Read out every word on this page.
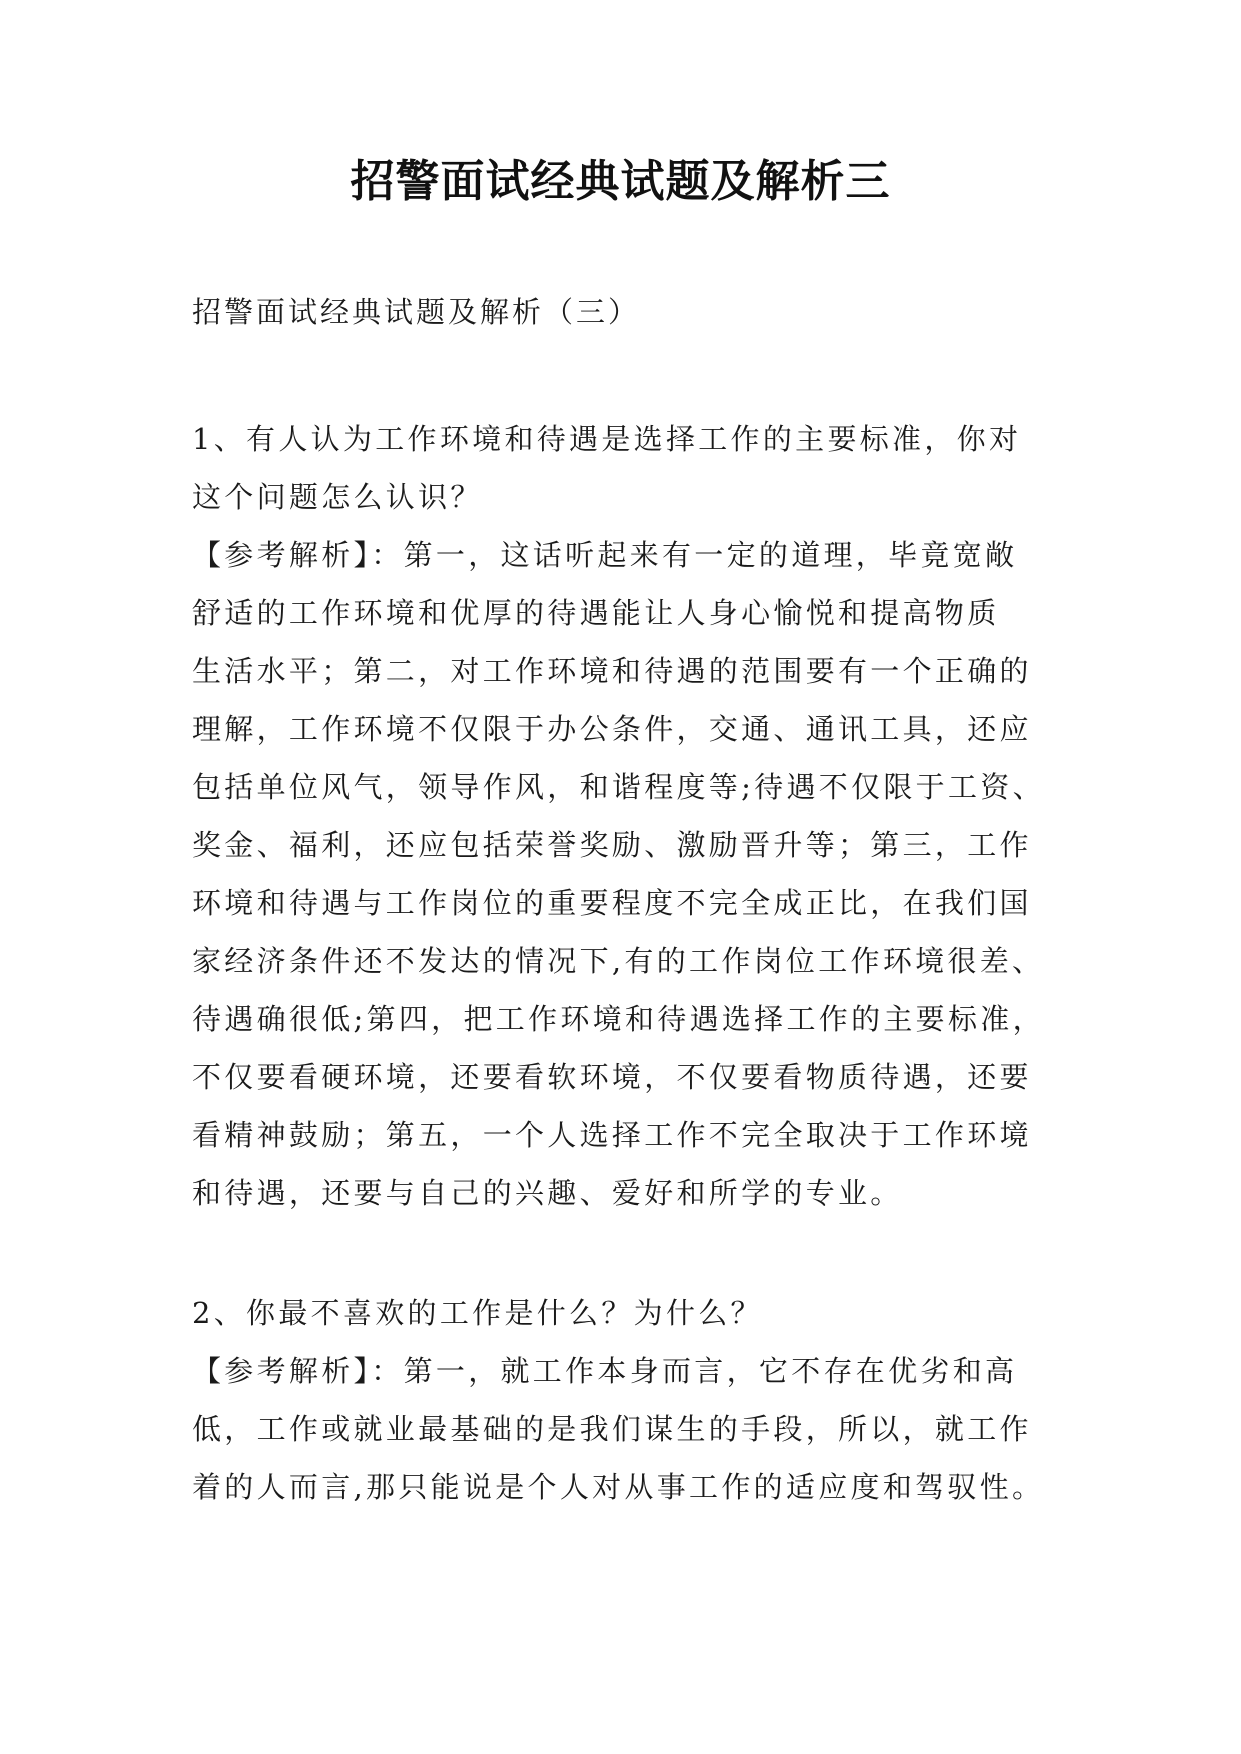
招警面试经典试题及解析三

招警面试经典试题及解析（三）

1、有人认为工作环境和待遇是选择工作的主要标准，你对
这个问题怎么认识？
【参考解析】：第一，这话听起来有一定的道理，毕竟宽敞
舒适的工作环境和优厚的待遇能让人身心愉悦和提高物质
生活水平；第二，对工作环境和待遇的范围要有一个正确的
理解，工作环境不仅限于办公条件，交通、通讯工具，还应
包括单位风气，领导作风，和谐程度等;待遇不仅限于工资、
奖金、福利，还应包括荣誉奖励、激励晋升等；第三，工作
环境和待遇与工作岗位的重要程度不完全成正比，在我们国
家经济条件还不发达的情况下,有的工作岗位工作环境很差、
待遇确很低;第四，把工作环境和待遇选择工作的主要标准，
不仅要看硬环境，还要看软环境，不仅要看物质待遇，还要
看精神鼓励；第五，一个人选择工作不完全取决于工作环境
和待遇，还要与自己的兴趣、爱好和所学的专业。
2、你最不喜欢的工作是什么？为什么？
【参考解析】：第一，就工作本身而言，它不存在优劣和高
低，工作或就业最基础的是我们谋生的手段，所以，就工作
着的人而言,那只能说是个人对从事工作的适应度和驾驭性。
